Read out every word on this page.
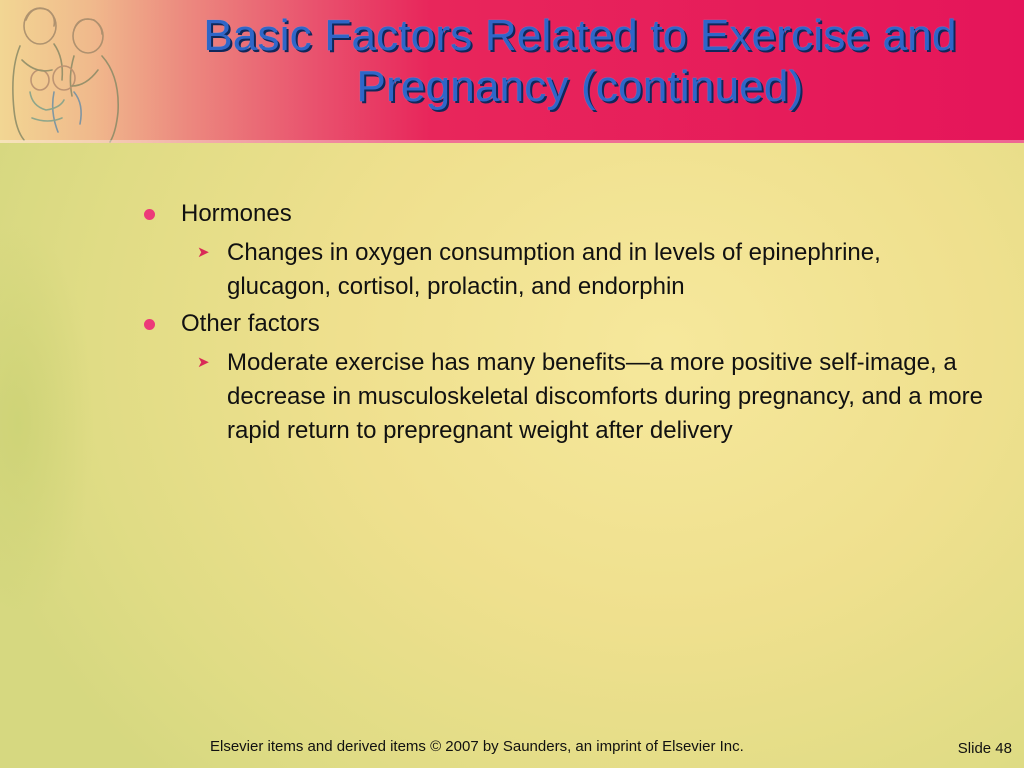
Basic Factors Related to Exercise and Pregnancy (continued)
Hormones
➤ Changes in oxygen consumption and in levels of epinephrine, glucagon, cortisol, prolactin, and endorphin
Other factors
➤ Moderate exercise has many benefits—a more positive self-image, a decrease in musculoskeletal discomforts during pregnancy, and a more rapid return to prepregnant weight after delivery
Elsevier items and derived items © 2007 by Saunders, an imprint of Elsevier Inc.	Slide 48
